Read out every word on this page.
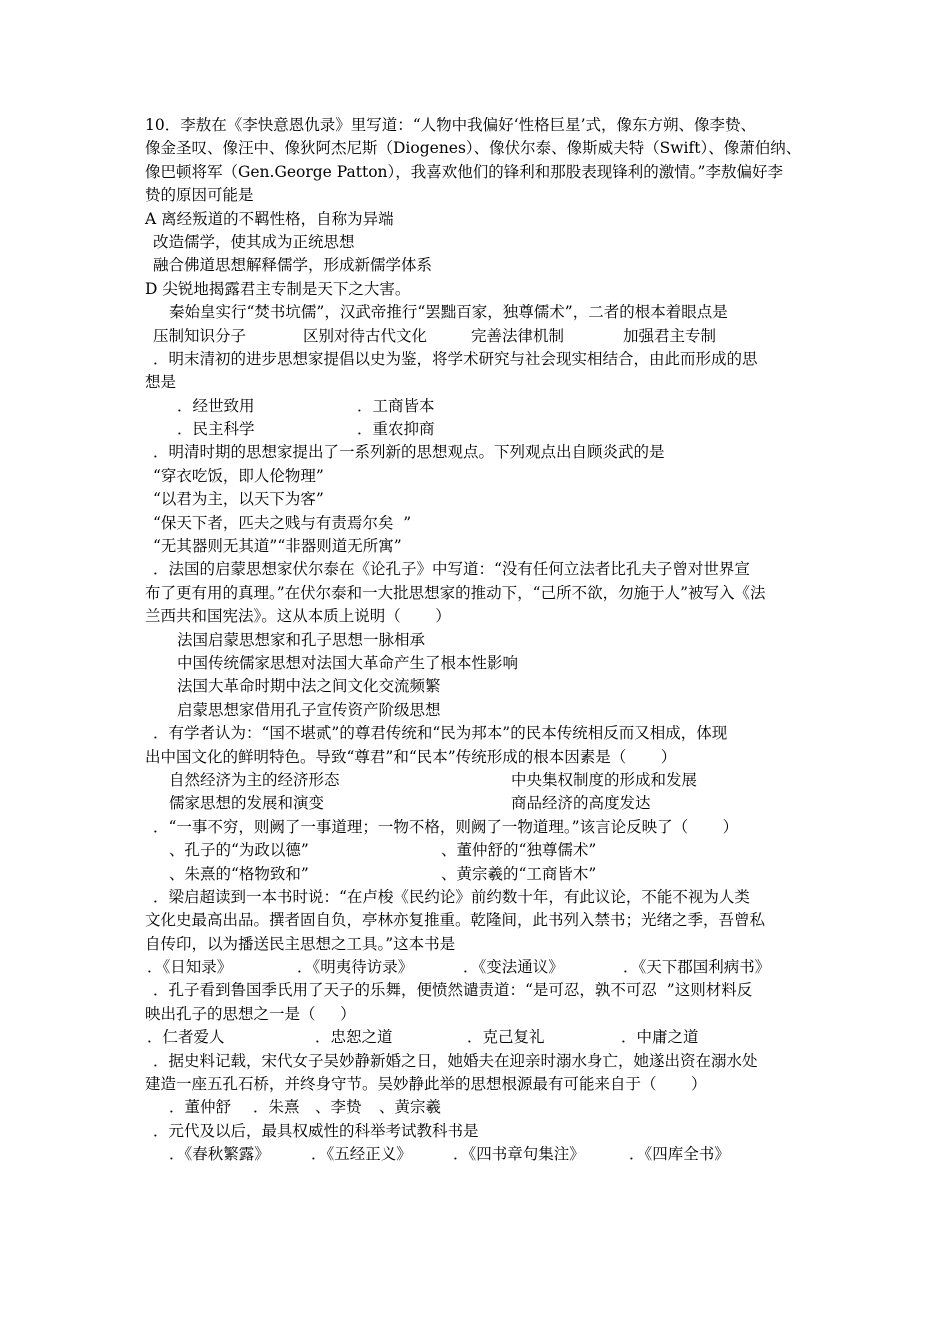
10．李敖在《李快意恩仇录》里写道：“人物中我偏好‘性格巨星’式，像东方朔、像李贽、
像金圣叹、像汪中、像狄阿杰尼斯（Diogenes）、像伏尔泰、像斯威夫特（Swift）、像萧伯纳、
像巴顿将军（Gen.George Patton），我喜欢他们的锋利和那股表现锋利的激情。”李敖偏好李
贽的原因可能是
A 离经叛道的不羁性格，自称为异端
改造儒学，使其成为正统思想
融合佛道思想解释儒学，形成新儒学体系
D 尖锐地揭露君主专制是天下之大害。
秦始皇实行“焚书坑儒”，汉武帝推行“罢黜百家，独尊儒术”，二者的根本着眼点是
压制知识分子	区别对待古代文化	完善法律机制	加强君主专制
．明末清初的进步思想家提倡以史为鉴，将学术研究与社会现实相结合，由此而形成的思
想是
．经世致用	．工商皆本
．民主科学	．重农抑商
．明清时期的思想家提出了一系列新的思想观点。下列观点出自顾炎武的是
“穿衣吃饭，即人伦物理”
“以君为主，以天下为客”
“保天下者，匹夫之贱与有责焉尔矣  ”
“无其器则无其道”“非器则道无所寓”
．法国的启蒙思想家伏尔泰在《论孔子》中写道：“没有任何立法者比孔夫子曾对世界宣
布了更有用的真理。”在伏尔泰和一大批思想家的推动下，“己所不欲，勿施于人”被写入《法
兰西共和国宪法》。这从本质上说明（       ）
法国启蒙思想家和孔子思想一脉相承
中国传统儒家思想对法国大革命产生了根本性影响
法国大革命时期中法之间文化交流频繁
启蒙思想家借用孔子宣传资产阶级思想
．有学者认为：“国不堪贰”的尊君传统和“民为邦本”的民本传统相反而又相成，体现
出中国文化的鲜明特色。导致“尊君”和“民本”传统形成的根本因素是（       ）
自然经济为主的经济形态	中央集权制度的形成和发展
儒家思想的发展和演变	商品经济的高度发达
．“一事不穷，则阙了一事道理；一物不格，则阙了一物道理。”该言论反映了（       ）
、孔子的“为政以德”	、董仲舒的“独尊儒术”
、朱熹的“格物致和”	、黄宗羲的“工商皆木”
．梁启超读到一本书时说：“在卢梭《民约论》前约数十年，有此议论，不能不视为人类
文化史最高出品。撰者固自负，亭林亦复推重。乾隆间，此书列入禁书；光绪之季，吾曾私
自传印，以为播送民主思想之工具。”这本书是
．《日知录》	．《明夷待访录》	．《变法通议》	．《天下郡国利病书》
．孔子看到鲁国季氏用了天子的乐舞，便愤然谴责道：“是可忍，孰不可忍  ”这则材料反
映出孔子的思想之一是（     ）
．仁者爱人	．忠恕之道	．克己复礼	．中庸之道
．据史料记载，宋代女子吴妙静新婚之日，她婚夫在迎亲时溺水身亡，她遂出资在溺水处
建造一座五孔石桥，并终身守节。吴妙静此举的思想根源最有可能来自于（       ）
．董仲舒	．朱熹 、李贽	、黄宗羲
．元代及以后，最具权威性的科举考试教科书是
．《春秋繁露》	．《五经正义》	．《四书章句集注》	．《四库全书》
